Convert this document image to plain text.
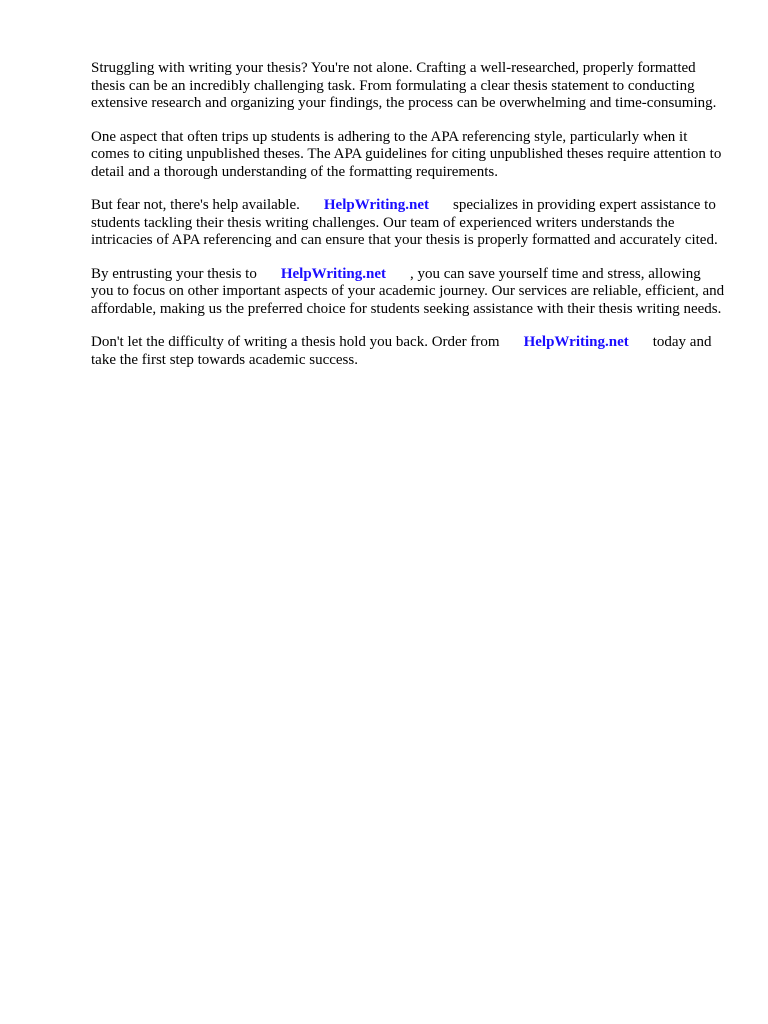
Struggling with writing your thesis? You're not alone. Crafting a well-researched, properly formatted thesis can be an incredibly challenging task. From formulating a clear thesis statement to conducting extensive research and organizing your findings, the process can be overwhelming and time-consuming.

One aspect that often trips up students is adhering to the APA referencing style, particularly when it comes to citing unpublished theses. The APA guidelines for citing unpublished theses require attention to detail and a thorough understanding of the formatting requirements.

But fear not, there's help available. HelpWriting.net specializes in providing expert assistance to students tackling their thesis writing challenges. Our team of experienced writers understands the intricacies of APA referencing and can ensure that your thesis is properly formatted and accurately cited.

By entrusting your thesis to HelpWriting.net , you can save yourself time and stress, allowing you to focus on other important aspects of your academic journey. Our services are reliable, efficient, and affordable, making us the preferred choice for students seeking assistance with their thesis writing needs.

Don't let the difficulty of writing a thesis hold you back. Order from HelpWriting.net today and take the first step towards academic success.
